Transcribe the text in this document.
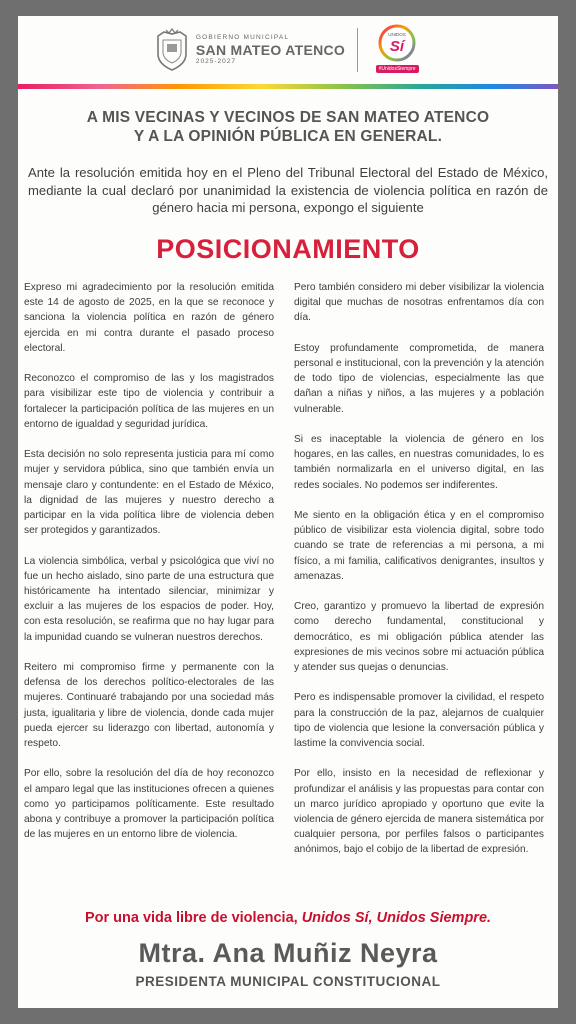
GOBIERNO MUNICIPAL
SAN MATEO ATENCO
2025-2027
UNIDOS
Sí
#UnidosSiempre
A MIS VECINAS Y VECINOS DE SAN MATEO ATENCO
Y A LA OPINIÓN PÚBLICA EN GENERAL.
Ante la resolución emitida hoy en el Pleno del Tribunal Electoral del Estado de México, mediante la cual declaró por unanimidad la existencia de violencia política en razón de género hacia mi persona, expongo el siguiente
POSICIONAMIENTO

Expreso mi agradecimiento por la resolución emitida este 14 de agosto de 2025, en la que se reconoce y sanciona la violencia política en razón de género ejercida en mi contra durante el pasado proceso electoral.

Reconozco el compromiso de las y los magistrados para visibilizar este tipo de violencia y contribuir a fortalecer la participación política de las mujeres en un entorno de igualdad y seguridad jurídica.

Esta decisión no solo representa justicia para mí como mujer y servidora pública, sino que también envía un mensaje claro y contundente: en el Estado de México, la dignidad de las mujeres y nuestro derecho a participar en la vida política libre de violencia deben ser protegidos y garantizados.

La violencia simbólica, verbal y psicológica que viví no fue un hecho aislado, sino parte de una estructura que históricamente ha intentado silenciar, minimizar y excluir a las mujeres de los espacios de poder. Hoy, con esta resolución, se reafirma que no hay lugar para la impunidad cuando se vulneran nuestros derechos.

Reitero mi compromiso firme y permanente con la defensa de los derechos político-electorales de las mujeres. Continuaré trabajando por una sociedad más justa, igualitaria y libre de violencia, donde cada mujer pueda ejercer su liderazgo con libertad, autonomía y respeto.

Por ello, sobre la resolución del día de hoy reconozco el amparo legal que las instituciones ofrecen a quienes como yo participamos políticamente. Este resultado abona y contribuye a promover la participación política de las mujeres en un entorno libre de violencia.

Pero también considero mi deber visibilizar la violencia digital que muchas de nosotras enfrentamos día con día.

Estoy profundamente comprometida, de manera personal e institucional, con la prevención y la atención de todo tipo de violencias, especialmente las que dañan a niñas y niños, a las mujeres y a población vulnerable.

Si es inaceptable la violencia de género en los hogares, en las calles, en nuestras comunidades, lo es también normalizarla en el universo digital, en las redes sociales. No podemos ser indiferentes.

Me siento en la obligación ética y en el compromiso público de visibilizar esta violencia digital, sobre todo cuando se trate de referencias a mi persona, a mi físico, a mi familia, calificativos denigrantes, insultos y amenazas.

Creo, garantizo y promuevo la libertad de expresión como derecho fundamental, constitucional y democrático, es mi obligación pública atender las expresiones de mis vecinos sobre mi actuación pública y atender sus quejas o denuncias.

Pero es indispensable promover la civilidad, el respeto para la construcción de la paz, alejarnos de cualquier tipo de violencia que lesione la conversación pública y lastime la convivencia social.

Por ello, insisto en la necesidad de reflexionar y profundizar el análisis y las propuestas para contar con un marco jurídico apropiado y oportuno que evite la violencia de género ejercida de manera sistemática por cualquier persona, por perfiles falsos o participantes anónimos, bajo el cobijo de la libertad de expresión.

Por una vida libre de violencia, Unidos Sí, Unidos Siempre.
Mtra. Ana Muñiz Neyra
PRESIDENTA MUNICIPAL CONSTITUCIONAL
